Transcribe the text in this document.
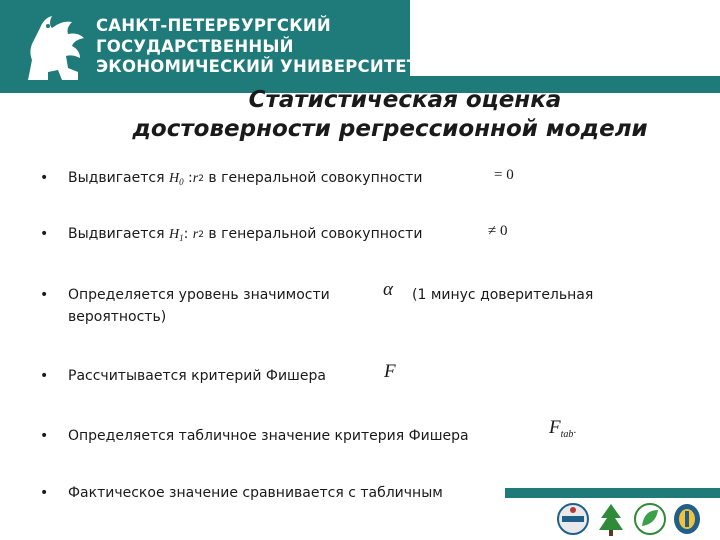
САНКТ-ПЕТЕРБУРГСКИЙ
ГОСУДАРСТВЕННЫЙ
ЭКОНОМИЧЕСКИЙ УНИВЕРСИТЕТ
Статистическая оценка
достоверности регрессионной модели
• Выдвигается $H_0$ :r2 в генеральной совокупности	= 0
• Выдвигается $H_1$: r2 в генеральной совокупности	≠ 0
• Определяется уровень значимости	α (1 минус доверительная
вероятность)
• Рассчитывается критерий Фишера	F
• Определяется табличное значение критерия Фишера	$F_{tab}$.
• Фактическое значение сравнивается с табличным
